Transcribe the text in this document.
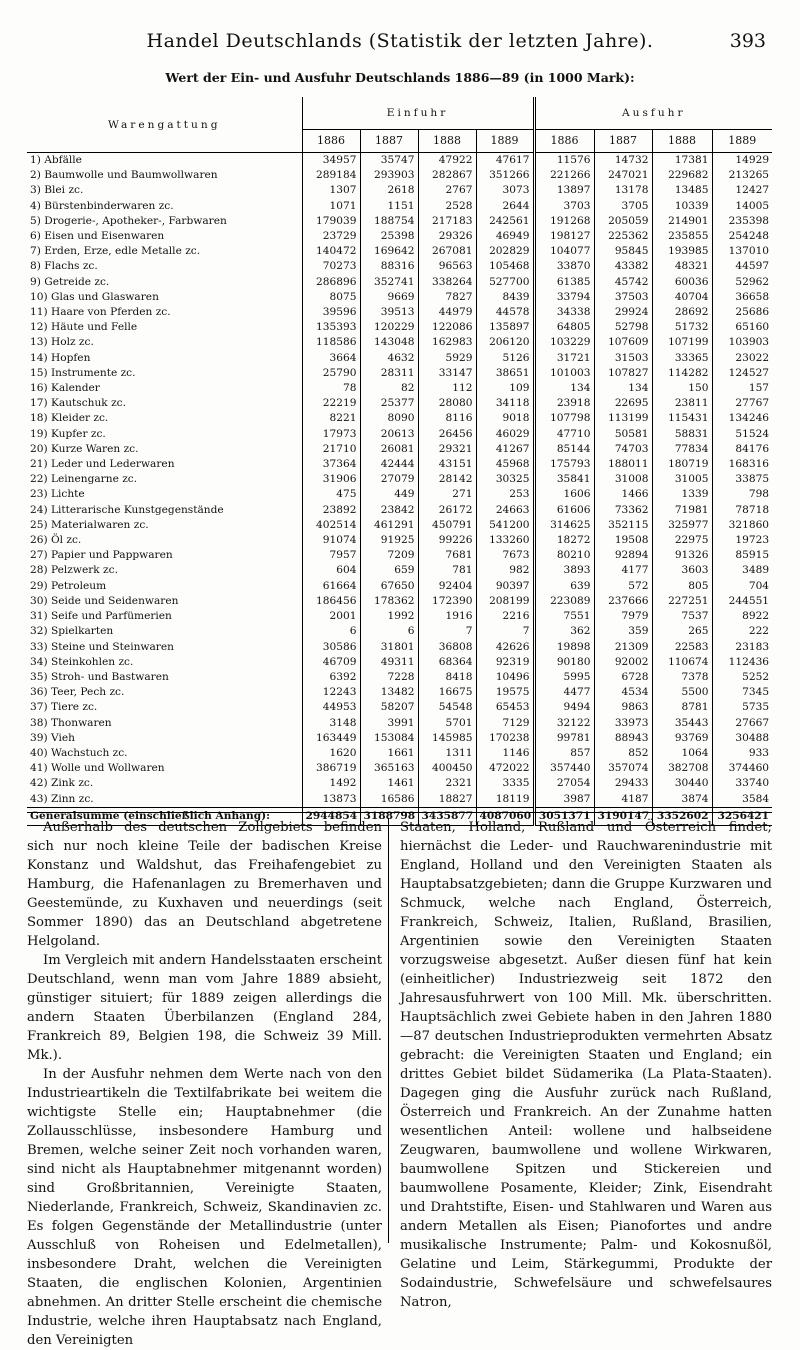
Handel Deutschlands (Statistik der letzten Jahre).	393
Wert der Ein- und Ausfuhr Deutschlands 1886—89 (in 1000 Mark):
Warengattung	Einfuhr				Ausfuhr			
	1886	1887	1888	1889	1886	1887	1888	1889
1) Abfälle	34957	35747	47922	47617	11576	14732	17381	14929
2) Baumwolle und Baumwollwaren	289184	293903	282867	351266	221266	247021	229682	213265
3) Blei zc.	1307	2618	2767	3073	13897	13178	13485	12427
4) Bürstenbinderwaren zc.	1071	1151	2528	2644	3703	3705	10339	14005
5) Drogerie-, Apotheker-, Farbwaren	179039	188754	217183	242561	191268	205059	214901	235398
6) Eisen und Eisenwaren	23729	25398	29326	46949	198127	225362	235855	254248
7) Erden, Erze, edle Metalle zc.	140472	169642	267081	202829	104077	95845	193985	137010
8) Flachs zc.	70273	88316	96563	105468	33870	43382	48321	44597
9) Getreide zc.	286896	352741	338264	527700	61385	45742	60036	52962
10) Glas und Glaswaren	8075	9669	7827	8439	33794	37503	40704	36658
11) Haare von Pferden zc.	39596	39513	44979	44578	34338	29924	28692	25686
12) Häute und Felle	135393	120229	122086	135897	64805	52798	51732	65160
13) Holz zc.	118586	143048	162983	206120	103229	107609	107199	103903
14) Hopfen	3664	4632	5929	5126	31721	31503	33365	23022
15) Instrumente zc.	25790	28311	33147	38651	101003	107827	114282	124527
16) Kalender	78	82	112	109	134	134	150	157
17) Kautschuk zc.	22219	25377	28080	34118	23918	22695	23811	27767
18) Kleider zc.	8221	8090	8116	9018	107798	113199	115431	134246
19) Kupfer zc.	17973	20613	26456	46029	47710	50581	58831	51524
20) Kurze Waren zc.	21710	26081	29321	41267	85144	74703	77834	84176
21) Leder und Lederwaren	37364	42444	43151	45968	175793	188011	180719	168316
22) Leinengarne zc.	31906	27079	28142	30325	35841	31008	31005	33875
23) Lichte	475	449	271	253	1606	1466	1339	798
24) Litterarische Kunstgegenstände	23892	23842	26172	24663	61606	73362	71981	78718
25) Materialwaren zc.	402514	461291	450791	541200	314625	352115	325977	321860
26) Öl zc.	91074	91925	99226	133260	18272	19508	22975	19723
27) Papier und Pappwaren	7957	7209	7681	7673	80210	92894	91326	85915
28) Pelzwerk zc.	604	659	781	982	3893	4177	3603	3489
29) Petroleum	61664	67650	92404	90397	639	572	805	704
30) Seide und Seidenwaren	186456	178362	172390	208199	223089	237666	227251	244551
31) Seife und Parfümerien	2001	1992	1916	2216	7551	7979	7537	8922
32) Spielkarten	6	6	7	7	362	359	265	222
33) Steine und Steinwaren	30586	31801	36808	42626	19898	21309	22583	23183
34) Steinkohlen zc.	46709	49311	68364	92319	90180	92002	110674	112436
35) Stroh- und Bastwaren	6392	7228	8418	10496	5995	6728	7378	5252
36) Teer, Pech zc.	12243	13482	16675	19575	4477	4534	5500	7345
37) Tiere zc.	44953	58207	54548	65453	9494	9863	8781	5735
38) Thonwaren	3148	3991	5701	7129	32122	33973	35443	27667
39) Vieh	163449	153084	145985	170238	99781	88943	93769	30488
40) Wachstuch zc.	1620	1661	1311	1146	857	852	1064	933
41) Wolle und Wollwaren	386719	365163	400450	472022	357440	357074	382708	374460
42) Zink zc.	1492	1461	2321	3335	27054	29433	30440	33740
43) Zinn zc.	13873	16586	18827	18119	3987	4187	3874	3584
Generalsumme (einschließlich Anhang):	2944854	3188798	3435877	4087060	3051371	3190147	3352602	3256421

Außerhalb des deutschen Zollgebiets befinden sich nur noch kleine Teile der badischen Kreise Konstanz und Waldshut, das Freihafengebiet zu Hamburg, die Hafenanlagen zu Bremerhaven und Geestemünde, zu Kuxhaven und neuerdings (seit Sommer 1890) das an Deutschland abgetretene Helgoland.

Im Vergleich mit andern Handelsstaaten erscheint Deutschland, wenn man vom Jahre 1889 absieht, günstiger situiert; für 1889 zeigen allerdings die andern Staaten Überbilanzen (England 284, Frankreich 89, Belgien 198, die Schweiz 39 Mill. Mk.).

In der Ausfuhr nehmen dem Werte nach von den Industrieartikeln die Textilfabrikate bei weitem die wichtigste Stelle ein; Hauptabnehmer (die Zollausschlüsse, insbesondere Hamburg und Bremen, welche seiner Zeit noch vorhanden waren, sind nicht als Hauptabnehmer mitgenannt worden) sind Großbritannien, Vereinigte Staaten, Niederlande, Frankreich, Schweiz, Skandinavien zc. Es folgen Gegenstände der Metallindustrie (unter Ausschluß von Roheisen und Edelmetallen), insbesondere Draht, welchen die Vereinigten Staaten, die englischen Kolonien, Argentinien abnehmen. An dritter Stelle erscheint die chemische Industrie, welche ihren Hauptabsatz nach England, den Vereinigten

Staaten, Holland, Rußland und Österreich findet; hiernächst die Leder- und Rauchwarenindustrie mit England, Holland und den Vereinigten Staaten als Hauptabsatzgebieten; dann die Gruppe Kurzwaren und Schmuck, welche nach England, Österreich, Frankreich, Schweiz, Italien, Rußland, Brasilien, Argentinien sowie den Vereinigten Staaten vorzugsweise abgesetzt. Außer diesen fünf hat kein (einheitlicher) Industriezweig seit 1872 den Jahresausfuhrwert von 100 Mill. Mk. überschritten. Hauptsächlich zwei Gebiete haben in den Jahren 1880—87 deutschen Industrieprodukten vermehrten Absatz gebracht: die Vereinigten Staaten und England; ein drittes Gebiet bildet Südamerika (La Plata-Staaten). Dagegen ging die Ausfuhr zurück nach Rußland, Österreich und Frankreich. An der Zunahme hatten wesentlichen Anteil: wollene und halbseidene Zeugwaren, baumwollene und wollene Wirkwaren, baumwollene Spitzen und Stickereien und baumwollene Posamente, Kleider; Zink, Eisendraht und Drahtstifte, Eisen- und Stahlwaren und Waren aus andern Metallen als Eisen; Pianofortes und andre musikalische Instrumente; Palm- und Kokosnußöl, Gelatine und Leim, Stärkegummi, Produkte der Sodaindustrie, Schwefelsäure und schwefelsaures Natron,
